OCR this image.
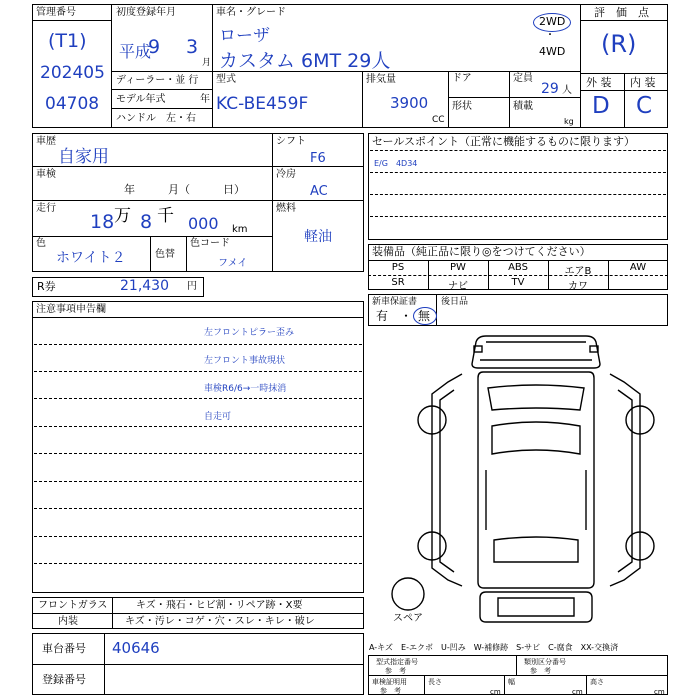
管理番号
(T1)
202405
04708
初度登録年月
平成
9 3
月
車名・グレード
ローザ
カスタム 6MT 29人
2WD
・
4WD
ディーラー・並 行
モデル年式	年
ハンドル　左・右
型式
KC-BE459F
排気量
3900
CC
ドア
形状
定員
29 人
積載
kg
評　価　点
(R)
外 装 内 装
D C
車歴
自家用
車検
年　　　月（　　　日）
走行
18 万 8 千 000 km
色
ホワイト２	色替
色コード
フメイ
シフト
F6
冷房
AC
燃料
軽油
R券	21,430 円
セールスポイント（正常に機能するものに限ります）
E/G　4D34
装備品（純正品に限り◎をつけてください）
PS	PW	ABS	エアB	AW
SR	ナビ	TV	カワ
新車保証書
有　・ 無
後日品
注意事項申告欄
左フロントピラー歪み
左フロント事故現状
車検R6/6→一時抹消
自走可
スペア
フロントガラス	キズ・飛石・ヒビ割・リペア跡・X要
内装	キズ・汚レ・コゲ・穴・スレ・キレ・破レ
車台番号 40646
登録番号
A-キズ　E-エクボ　U-凹み　W-補修跡　S-サビ　C-腐食　XX-交換済
型式指定番号
参　考
類別区分番号
参　考
車検証明用
参　考
長さ
cm
幅
cm
高さ
cm
